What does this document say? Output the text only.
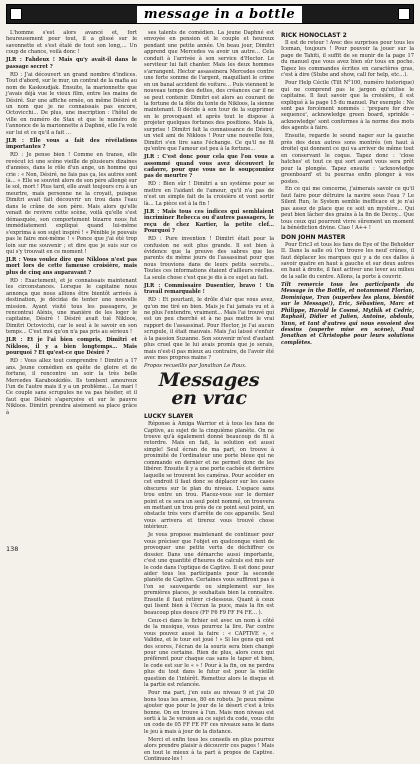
message in a bottle

L'homme s'est alors avancé et, fort heureusement pour tout, il a glissé sur le savonnette et s'est étalé de tout son long,… Un coup de chance, voilà donc !

JLR : Fahdeux ! Mais qu'y avait-il dans le passage secret ?

RD : J'ai découvert un grand nombre d'indices. Tout d'abord, sur le mur, un contrat de la mafia au nom de Kaskoudjak. Ensuite, la marionnette que j'avais déjà vue le vieux film, entre les mains de Désiré. Sur une affiche ornée, on même Désiré et un nom que je ne connaissais pas encore, Octovicchi… De plus, une inscription : l'hôtel de ville en numéro de Stax et que le numéro de l'annonce de la marionnette à Daphné, elle l'a volé sur lui et ce qu'il a fait …

JLR : Elle vous a fait des révélations importantes ?

RD : Je pense bien ! Comme en transe, elle revécut ici une scène vieille de plusieurs dizaines d'années, dans le rôle d'un ange, un homme qui crie : « Non, Désiré, ne fais pas ça, les autres sont là… » Elle se souvint alors de son père allongé sur le sol, mort ! Plus tard, elle avait toujours cru à un meurtre, mais personne ne la croyait, puisque Dimitri avait fait découvrir un trou dans l'eau dans le crâne de son père. Mais alors qu'elle venait de revivre cette scène, voilà qu'elle s'est démasquée, son comportement bizarre nous fut immédiatement expliqué quand lui-même s'exprima à son sujet inspiré ! « Pénible je pouvais pas le faire moi-même ! » Ponce que j'ai été trop loin sur me souvenir ; et dire que je suis sur ce qui s'y trouvait en ce moment !

JLR : Vous voulez dire que Nikloos n'est pas mort lors de cette fameuse croisière, mais plus de cinq ans auparavant ?

RD : Exactement, et je connaissais maintenant les circonstances. Lorsque le capitaine nous annonça que nous allions être bientôt arrivés à destination, je décidai de tenter une nouvelle mission. Ayant visité tous les passagers, je rencontrai Aléxis, une manière de les loger le capitaine, Désiré ! Désiré avait tué Nikloos, Dimitri Octovicchi, car le seul à le savoir en son temps… C'est moi qu'on n'a pas pris au sérieux !

JLR : Et je l'ai bien compris, Dimitri et Nikloos, il y a bien longtemps… Mais pourquoi ? Et qu'est-ce que Désiré ?

RD : Vous allez tout comprendre ! Dimitri a 17 ans. Jeune comédien en quête de gloire et de fortune, il rencontre un soir la très belle Mercedes Karaboukidès. Ils tombent amoureux l'un de l'autre mais il y a un problème… Le mari ! Ce couple sans scrupules ne va pas hésiter, et il faut que Désiré s'aperçoive et sur le pauvre Nikloos. Dimitri prendra aisément sa place grâce à

ses talents de comédien. La jeune Daphné est envoyée en pension et le couple et heureux pendant une petite année. Un beau jour, Dimitri apprend que Mercedes va avoir un autre… Cela conduit à l'arrivée à son service d'Hector. Le serviteur lui fait chanter. Mais les deux hommes s'arrangent. Hector assassinera Mercedes contre une forte somme de l'argent, maquillant le crime en un banal accident de voiture… Puis viennent le nouveau temps des dettes, des créances car il ne se peut contenir. Dimitri est alors au courant de la fortune de la fête du tonte de Nikloos, la sienne maintenant. Il décide à son tour de la supprimer en le provoquant et après tout le dispose à projeter quelques fortunes des positions. Mais là, surprise ! Dimitri fait la connaissance de Désiré, un vieil ami de Nikloos ! Pour une nouvelle fois, Dimitri s'en tire sans l'échange. Ce qu'il ne fit qu'entre que l'amour est peu à la fortune…

JLR : C'est donc pour cela que l'on vous a assommé quand vous avez découvert le cadavre, pour que vous ne le soupçonniez pas de meurtre ?

RD : Bien sûr ! Dimitri a un système pour se mettre en l'aidant de l'amour, qu'il n'a pas de n'est un simple fait de la croisière et vont sortir là… La pièce est à la fin !

JLR : Mais tous ces indices qui semblaient incriminer Rebecca ou d'autres passagers, le reçu de chez Kartier, la petite clef… Pourquoi ?

RD : Pure invention ! Dimitri était pour la confusion ne soit plus grande. Il est bien à évidence que la preuve des sabres que les parents du même jours de l'assassinat pour que nous trouvions dans de leurs petits secrets… Toutes ces informations étaient d'ailleurs réelles. La seule chose c'est que je dis à ce sujet au fait.

JLR : Commissaire Dusentier, bravo ! Un travail remarquable !

RD : Et pourtant, le drôle d'air que vous avez, qu'on me tiré en bien. Mais je l'ai jamais vu et à ne plus l'entendre, vraiment… Mais l'ai trouvé qui est un peu cherché et à ne pas mettre le vrai rapport de l'assassinat. Pour Hector, je l'ai aucun scrupule, il était mauvais. Mais j'ai laissé s'enfuir à la passion Suzanne. Son souvenir m'est d'autant plus cruel que le lui avais promis que je serais, mais n'est-il pas mieux au contraire, de l'avoir été avec mes propres mains ?

Propos recueillis par Jonathan Le Roux.

Messages en vrac
LUCKY SLAYER

Réponse à Amiga Warrior et à tous les fans de Captive, au sujet de la cinquième planète. On ne trouve qu'à également donné beaucoup de fil à retordre. Mais en fait, la solution est aussi simple! Seul écran de ma part, on trouve à proximité de l'ordinateur une porte bleue qui ne commande en dernier et ne permet donc de les libérer. Ensuite il y a une porte cachée et derrière laquelle se trouvent les caméras. Pour accéder en cet endroit il faut donc se déplacer sur les cases obscures sur le plan du niveau. L'espace sans trou entre un trou. Placez-vous sur le dernier point et ce sera un seul point nommé, on trouvera en mettant un trou près de ce point seul point, un obstacle très vers d'arrête de ces appareils. Seul vous arrivera et tirerez vous trouvé chose intérieur.

Je vous propose maintenant de continuer pour vous préciser que l'objet en quelconque vient de provoquer une petite vertu de déchiffrer ce dossier. Dans une démarche aussi importante, c'est une quantité d'heures de calculs est mis sur le code dans l'optique de Captive. Il est donc pour aider tous les participants pour la seconde planète de Captive. Certaines vous suffiront pas à l'on se sauvegarde ou simplement sur les premières places, je souhaitais bien la connaître. Ensuite il faut retirer ci-dessous. Quant à ceux qui lisent bien à l'écran la puce, mais la fin est beaucoup plus douce (FF F6 F9 FF F4 FE… ).

Ceux-ci dans le fichier est avec un nom à côté de la musique, vous pourrez la lire. Par contre vous pouvez aussi la faire : « CAPTIVE », « Validez, et le tour est joué ! » Si les gens qui ont des scores, l'écran de la souris sera bien changé pour une certaine. Rien de plus, alors ceux qui préfèrent pour chaque cas sans le taper et bien, le code est sur le « » ! Pour à la fin, on ne perdra plus du tout dans le futur est pour la vieille question de l'intérêt. Remettez alors le disque et la partie est relancée.

Pour ma part, j'en suis au niveau 9 et j'ai 20 bons tous les armes, 80 en robots. Je peux même ajouter que pour le jour de le désert c'est à très bonne. On en trouve à l'un. Mais mon niveau est sorti à la 3e version au ce sujet du code, vous cite un code de 05 FF FE FF ces niveaux sans le dans le jeu à mais à jour de la distance.

Merci et enfin tous les conseils en plus pourrez alors prendre plaisir à découvrir ces pages ! Mais en tout le mieux à ta part à propos de Captive. Continuez-les !

RICK HONOCLAST 2

Il est de retour ! Avec des surprises pour tous les Iceman, toujours ! Pour pouvoir la jouer sur la page de Tahiti, il suffit de se munir de la page 17 du manuel que vous avez bien sûr tous en poche. Tapez les commandes écrites en caractères gras, c'est à dire (Stube and show, call for help, etc…).

Pour Help Cécile (Tilt N°100, numéro historique) qui ne comprend pas le jargon qu'utilise le capitaine. Il faut savoir que la croisière, il est expliqué à la page 15 du manuel. Par exemple : Ne sont pas forcément nommés : 'prepare for dive sequence', acknowledge green board, sprinkle - acknowledge' sont conformes à la norme des mots des agents à faire.

Ensuite, regarde le sound nager sur la gauche près des deux autres sons montrés (en haut à droite) qui donnent ce qui va arriver de même tout en conservant le coque. Tapez donc : 'close hatches' et tout ce qui sort avant vous sera prêt pour la plongée. Tapez ensuite : 'acknowledge greenboard' et tu pourras enfin plonger à vos postes.

En ce qui me concerne, j'aimerais savoir ce qu'il faut faire pour détruire la navire sous l'eau ? Le Silent Run, le System semble inefficace et je n'ai pas assez de place que ce soit un mystère... Qui peut bien lâcher des grains à la fin de Decoy... Que tous ceux qui pourront vivre sûrement un moment la bénédiction divine. Ciao ! A++ !

DON JOHN MASTER

Pour Eric3 et tous les fans de Eye of the Beholder II. Dans la salle où l'on trouve les neuf crânes, il faut déplacer les marques qui y a de ces dalles à savoir quatre en haut à gauche et sur deux autres en haut à droite, il faut activer une lever au milieu de la salle du centre. Allons, la porte à couvrir.

Tilt remercie tous les participants du Message in the Bottle, et notamment Florian, Dominique, Tran (superbes les plans, bientôt sur le Message!), Eric, Sébastien, Marc et Philippe, Harold le Cosmé, Mythik et Cedric, Raphaël, Didier et Julien, Antoine, abdouls, Yann, et tant d'autres qui nous envoient des dessins (superbe mise en scène), Paul Jonathan et Christophe pour leurs solutions complètes.

138
